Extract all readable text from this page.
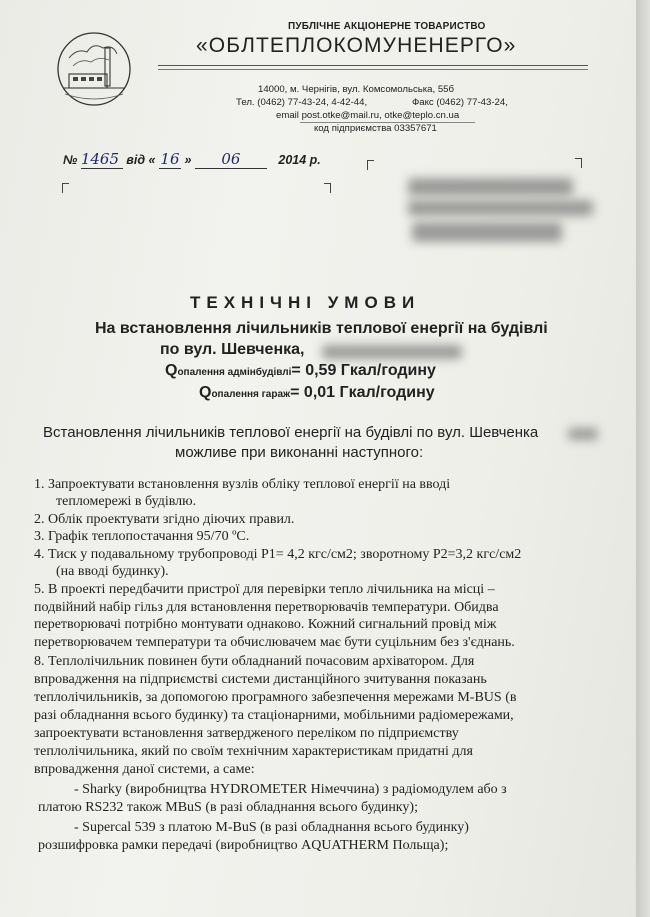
ПУБЛІЧНЕ АКЦІОНЕРНЕ ТОВАРИСТВО
«ОБЛТЕПЛОКОМУНЕНЕРГО»
14000, м. Чернігів, вул. Комсомольська, 55б
Тел. (0462) 77-43-24, 4-42-44,	Факс (0462) 77-43-24,
email post.otke@mail.ru, otke@teplo.cn.ua
код підприємства 03357671
№ 1465 від « 16 » 06	2014 р.
ТЕХНІЧНІ УМОВИ
На встановлення лічильників теплової енергії на будівлі
по вул. Шевченка,
Qопалення адмінбудівлі= 0,59 Гкал/годину
Qопалення гараж= 0,01 Гкал/годину
Встановлення лічильників теплової енергії на будівлі по вул. Шевченка
можливе при виконанні наступного:
1. Запроектувати встановлення вузлів обліку теплової енергії на вводі
тепломережі в будівлю.
2. Облік проектувати згідно діючих правил.
3. Графік теплопостачання 95/70 ºС.
4. Тиск у подавальному трубопроводі Р1= 4,2 кгс/см2; зворотному Р2=3,2 кгс/см2
(на вводі будинку).
5. В проекті передбачити пристрої для перевірки тепло лічильника на місці –
подвійний набір гільз для встановлення перетворювачів температури. Обидва
перетворювачі потрібно монтувати однаково. Кожний сигнальний провід між
перетворювачем температури та обчислювачем має бути суцільним без з'єднань.
8. Теплолічильник повинен бути обладнаний почасовим архіватором. Для
впровадження на підприємстві системи дистанційного зчитування показань
теплолічильників, за допомогою програмного забезпечення мережами M-BUS (в
разі обладнання всього будинку) та стаціонарними, мобільними радіомережами,
запроектувати встановлення затвердженого переліком по підприємству
теплолічильника, який по своїм технічним характеристикам придатні для
впровадження даної системи, а саме:
- Sharky (виробництва HYDROMETER Німеччина) з радіомодулем або з
платою RS232 також MBuS (в разі обладнання всього будинку);
- Supercal 539 з платою M-BuS (в разі обладнання всього будинку)
розшифровка рамки передачі (виробництво AQUATHERM Польща);
